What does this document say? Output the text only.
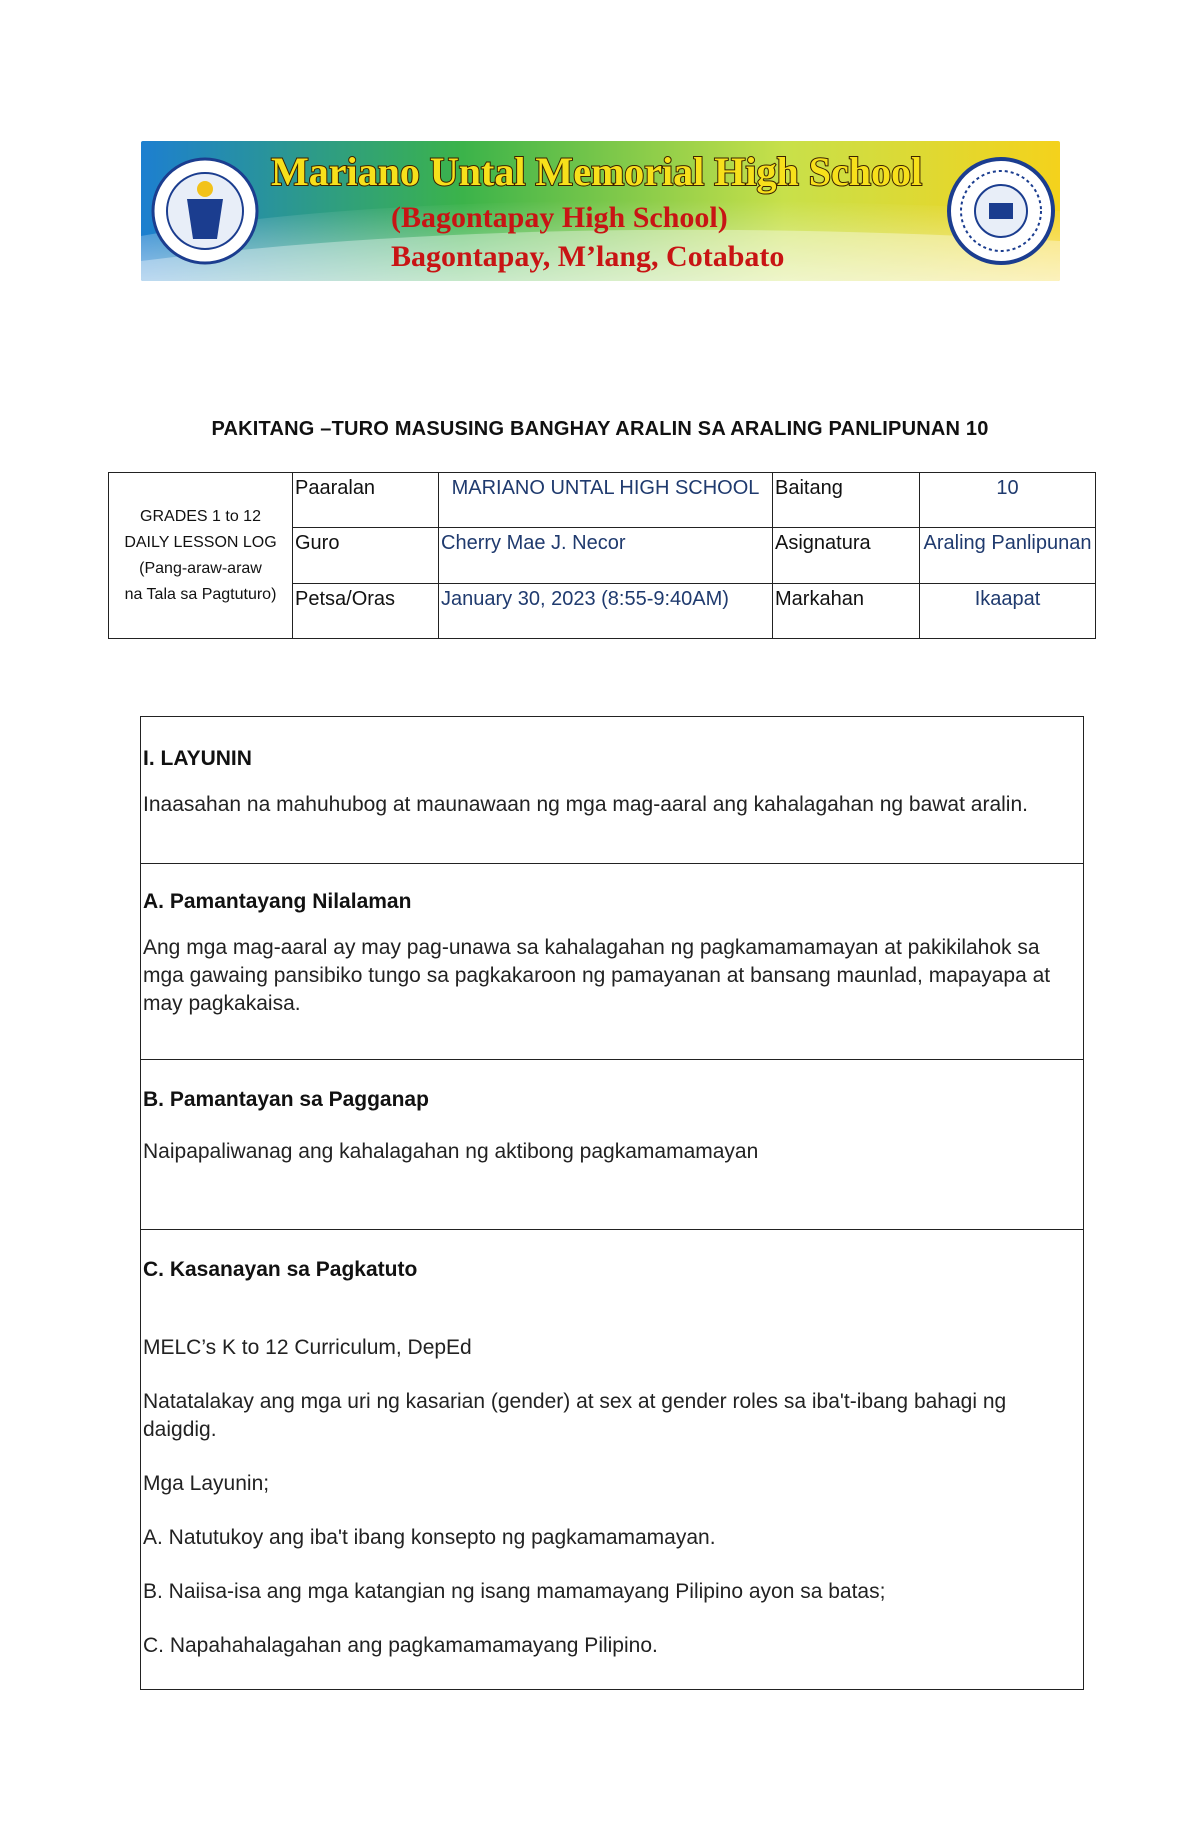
Mariano Untal Memorial High School
(Bagontapay High School)
Bagontapay, M’lang, Cotabato
PAKITANG –TURO MASUSING BANGHAY ARALIN SA ARALING PANLIPUNAN 10
GRADES 1 to 12
DAILY LESSON LOG
(Pang-araw-araw
na Tala sa Pagtuturo)	Paaralan	MARIANO UNTAL HIGH SCHOOL	Baitang	10
	Guro	Cherry Mae J. Necor	Asignatura	Araling Panlipunan
	Petsa/Oras	January 30, 2023 (8:55-9:40AM)	Markahan	Ikaapat
I. LAYUNIN

Inaasahan na mahuhubog at maunawaan ng mga mag-aaral ang kahalagahan ng bawat aralin.

A. Pamantayang Nilalaman

Ang mga mag-aaral ay may pag-unawa sa kahalagahan ng pagkamamamayan at pakikilahok sa mga gawaing pansibiko tungo sa pagkakaroon ng pamayanan at bansang maunlad, mapayapa at may pagkakaisa.

B. Pamantayan sa Pagganap

Naipapaliwanag ang kahalagahan ng aktibong pagkamamamayan

C. Kasanayan sa Pagkatuto

MELC’s K to 12 Curriculum, DepEd

Natatalakay ang mga uri ng kasarian (gender) at sex at gender roles sa iba't-ibang bahagi ng daigdig.

Mga Layunin;

A. Natutukoy ang iba't ibang konsepto ng pagkamamamayan.

B. Naiisa-isa ang mga katangian ng isang mamamayang Pilipino ayon sa batas;

C. Napahahalagahan ang pagkamamamayang Pilipino.
